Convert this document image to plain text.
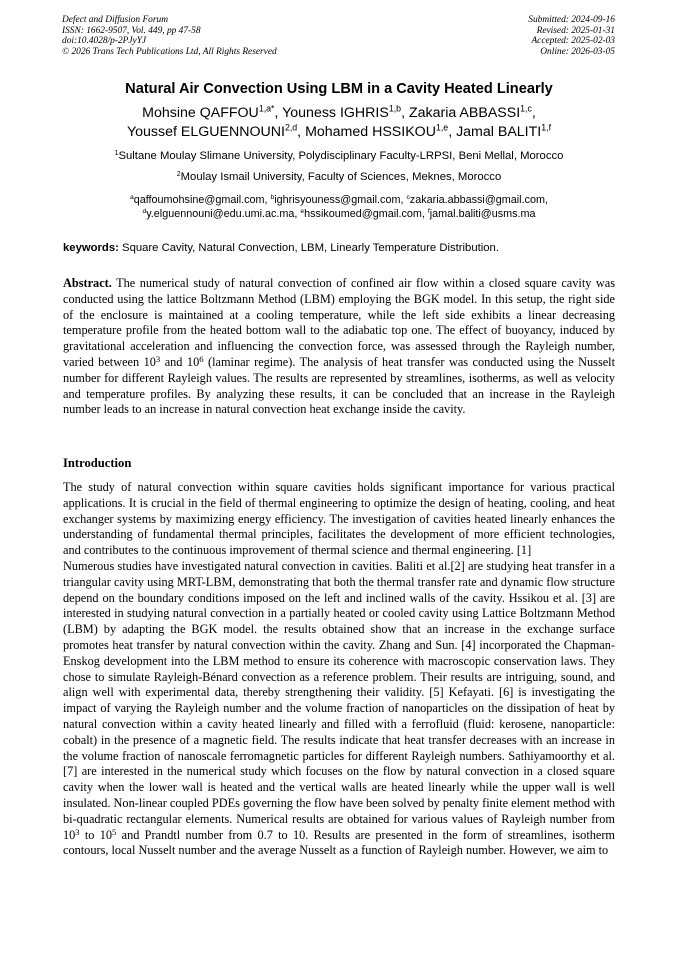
Defect and Diffusion Forum
ISSN: 1662-9507, Vol. 449, pp 47-58
doi:10.4028/p-2PJyYJ
© 2026 Trans Tech Publications Ltd, All Rights Reserved
Submitted: 2024-09-16
Revised: 2025-01-31
Accepted: 2025-02-03
Online: 2026-03-05
Natural Air Convection Using LBM in a Cavity Heated Linearly
Mohsine $QAFFOU^{1,a*}$, Youness IGHRIS$^{1,b}$, Zakaria ABBASSI$^{1,c}$,
Youssef ELGUENNOUNI$^{2,d}$, Mohamed HSSIKOU$^{1,e}$, Jamal BALITI$^{1,f}$
$^1$Sultane Moulay Slimane University, Polydisciplinary Faculty-LRPSI, Beni Mellal, Morocco
$^2$Moulay Ismail University, Faculty of Sciences, Meknes, Morocco
$^a$qaffoumohsine@gmail.com, $^b$ighrisyouness@gmail.com, $^c$zakaria.abbassi@gmail.com,
$^d$y.elguennouni@edu.umi.ac.ma, $^e$hssikoumed@gmail.com, $^f$jamal.baliti@usms.ma
keywords: Square Cavity, Natural Convection, LBM, Linearly Temperature Distribution.
Abstract. The numerical study of natural convection of confined air flow within a closed square cavity was conducted using the lattice Boltzmann Method (LBM) employing the BGK model. In this setup, the right side of the enclosure is maintained at a cooling temperature, while the left side exhibits a linear decreasing temperature profile from the heated bottom wall to the adiabatic top one. The effect of buoyancy, induced by gravitational acceleration and influencing the convection force, was assessed through the Rayleigh number, varied between $10^3$ and $10^6$ (laminar regime). The analysis of heat transfer was conducted using the Nusselt number for different Rayleigh values. The results are represented by streamlines, isotherms, as well as velocity and temperature profiles. By analyzing these results, it can be concluded that an increase in the Rayleigh number leads to an increase in natural convection heat exchange inside the cavity.
Introduction
The study of natural convection within square cavities holds significant importance for various practical applications. It is crucial in the field of thermal engineering to optimize the design of heating, cooling, and heat exchanger systems by maximizing energy efficiency. The investigation of cavities heated linearly enhances the understanding of fundamental thermal principles, facilitates the development of more efficient technologies, and contributes to the continuous improvement of thermal science and thermal engineering. [1]
Numerous studies have investigated natural convection in cavities. Baliti et al.[2] are studying heat transfer in a triangular cavity using MRT-LBM, demonstrating that both the thermal transfer rate and dynamic flow structure depend on the boundary conditions imposed on the left and inclined walls of the cavity. Hssikou et al. [3] are interested in studying natural convection in a partially heated or cooled cavity using Lattice Boltzmann Method (LBM) by adapting the BGK model. the results obtained show that an increase in the exchange surface promotes heat transfer by natural convection within the cavity. Zhang and Sun. [4] incorporated the Chapman-Enskog development into the LBM method to ensure its coherence with macroscopic conservation laws. They chose to simulate Rayleigh-Bénard convection as a reference problem. Their results are intriguing, sound, and align well with experimental data, thereby strengthening their validity. [5] Kefayati. [6] is investigating the impact of varying the Rayleigh number and the volume fraction of nanoparticles on the dissipation of heat by natural convection within a cavity heated linearly and filled with a ferrofluid (fluid: kerosene, nanoparticle: cobalt) in the presence of a magnetic field. The results indicate that heat transfer decreases with an increase in the volume fraction of nanoscale ferromagnetic particles for different Rayleigh numbers. Sathiyamoorthy et al. [7] are interested in the numerical study which focuses on the flow by natural convection in a closed square cavity when the lower wall is heated and the vertical walls are heated linearly while the upper wall is well insulated. Non-linear coupled PDEs governing the flow have been solved by penalty finite element method with bi-quadratic rectangular elements. Numerical results are obtained for various values of Rayleigh number from $10^3$ to $10^5$ and Prandtl number from 0.7 to 10. Results are presented in the form of streamlines, isotherm contours, local Nusselt number and the average Nusselt as a function of Rayleigh number. However, we aim to
